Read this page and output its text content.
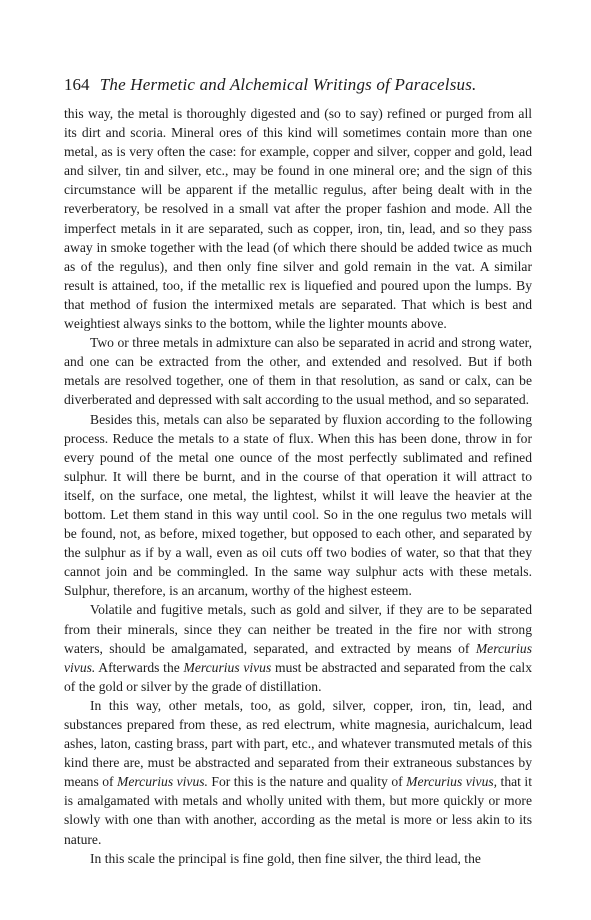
164 The Hermetic and Alchemical Writings of Paracelsus.

this way, the metal is thoroughly digested and (so to say) refined or purged from all its dirt and scoria. Mineral ores of this kind will sometimes contain more than one metal, as is very often the case: for example, copper and silver, copper and gold, lead and silver, tin and silver, etc., may be found in one mineral ore; and the sign of this circumstance will be apparent if the metallic regulus, after being dealt with in the reverberatory, be resolved in a small vat after the proper fashion and mode. All the imperfect metals in it are separated, such as copper, iron, tin, lead, and so they pass away in smoke together with the lead (of which there should be added twice as much as of the regulus), and then only fine silver and gold remain in the vat. A similar result is attained, too, if the metallic rex is liquefied and poured upon the lumps. By that method of fusion the intermixed metals are separated. That which is best and weightiest always sinks to the bottom, while the lighter mounts above.

Two or three metals in admixture can also be separated in acrid and strong water, and one can be extracted from the other, and extended and resolved. But if both metals are resolved together, one of them in that resolution, as sand or calx, can be diverberated and depressed with salt according to the usual method, and so separated.

Besides this, metals can also be separated by fluxion according to the following process. Reduce the metals to a state of flux. When this has been done, throw in for every pound of the metal one ounce of the most perfectly sublimated and refined sulphur. It will there be burnt, and in the course of that operation it will attract to itself, on the surface, one metal, the lightest, whilst it will leave the heavier at the bottom. Let them stand in this way until cool. So in the one regulus two metals will be found, not, as before, mixed together, but opposed to each other, and separated by the sulphur as if by a wall, even as oil cuts off two bodies of water, so that that they cannot join and be commingled. In the same way sulphur acts with these metals. Sulphur, therefore, is an arcanum, worthy of the highest esteem.

Volatile and fugitive metals, such as gold and silver, if they are to be separated from their minerals, since they can neither be treated in the fire nor with strong waters, should be amalgamated, separated, and extracted by means of Mercurius vivus. Afterwards the Mercurius vivus must be abstracted and separated from the calx of the gold or silver by the grade of distillation.

In this way, other metals, too, as gold, silver, copper, iron, tin, lead, and substances prepared from these, as red electrum, white magnesia, aurichalcum, lead ashes, laton, casting brass, part with part, etc., and whatever transmuted metals of this kind there are, must be abstracted and separated from their extraneous substances by means of Mercurius vivus. For this is the nature and quality of Mercurius vivus, that it is amalgamated with metals and wholly united with them, but more quickly or more slowly with one than with another, according as the metal is more or less akin to its nature.

In this scale the principal is fine gold, then fine silver, the third lead, the
